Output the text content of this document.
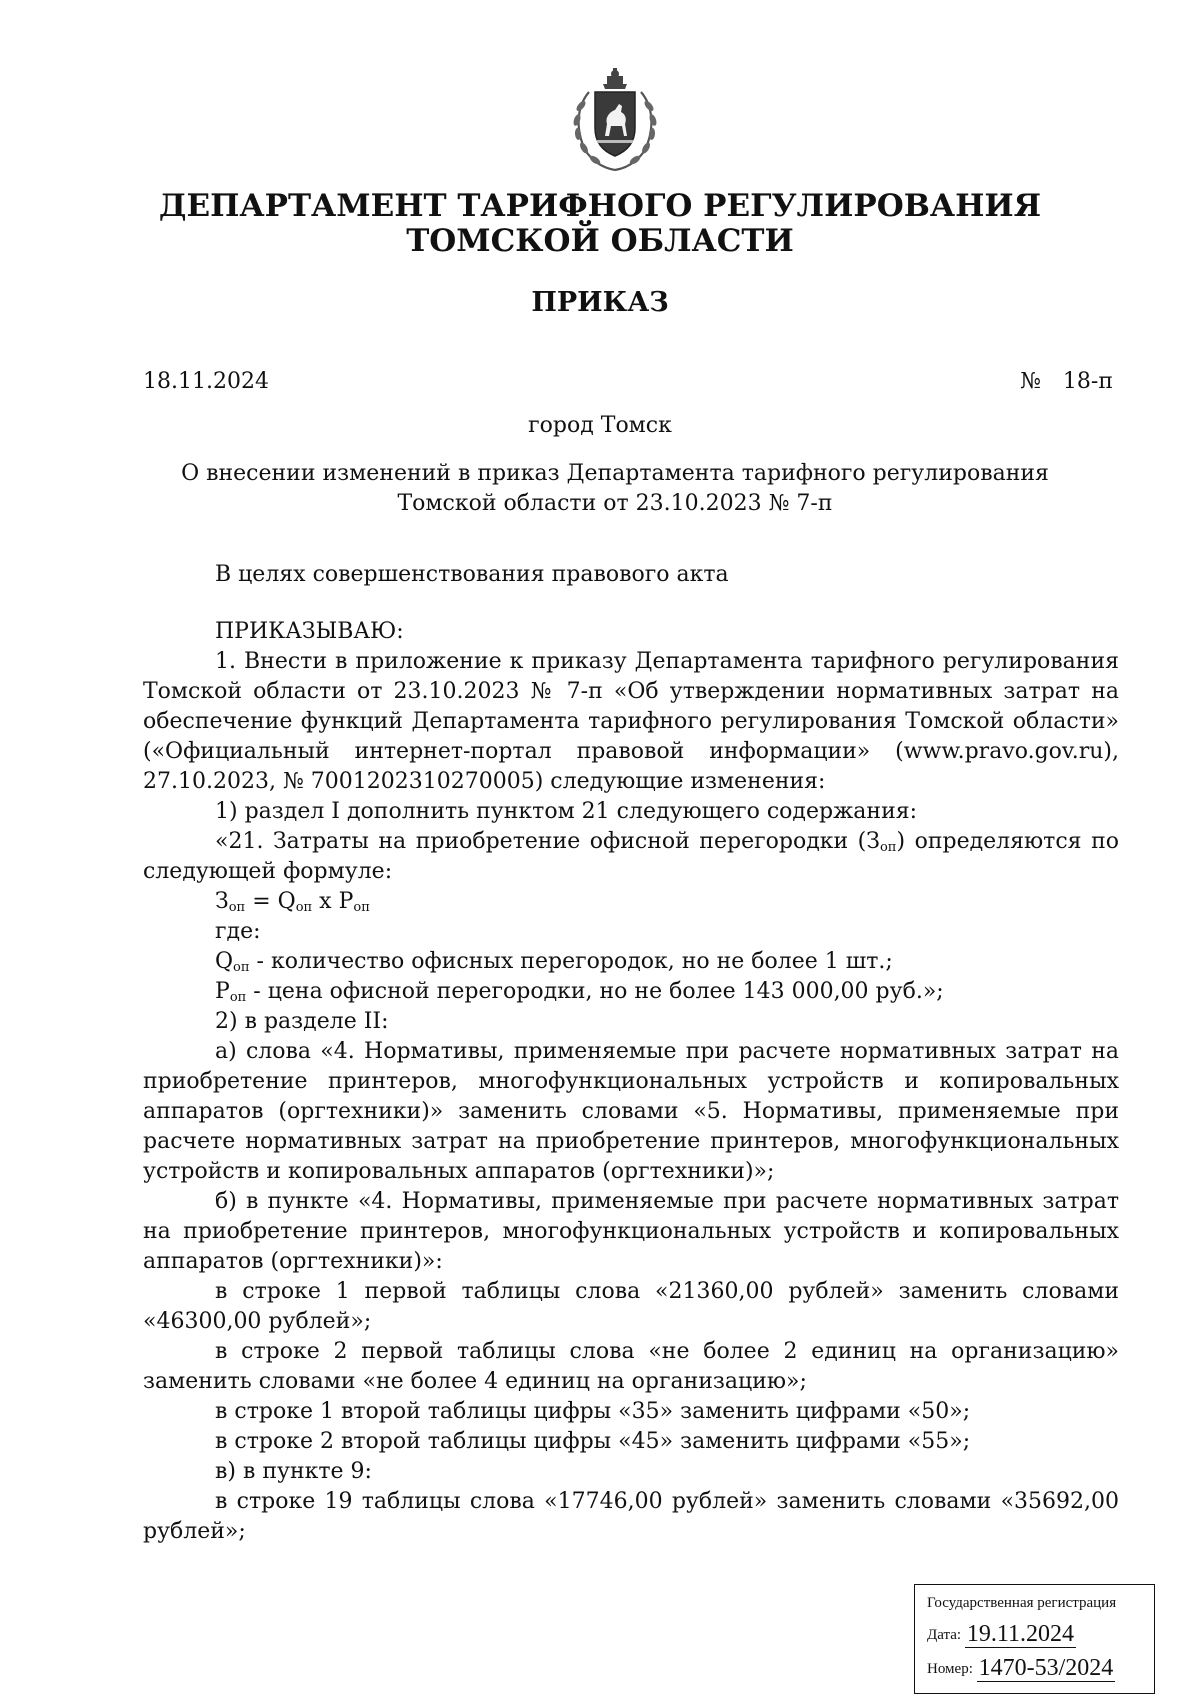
ДЕПАРТАМЕНТ ТАРИФНОГО РЕГУЛИРОВАНИЯ
ТОМСКОЙ ОБЛАСТИ
ПРИКАЗ
18.11.2024	№ 18-п
город Томск
О внесении изменений в приказ Департамента тарифного регулирования
Томской области от 23.10.2023 № 7-п

В целях совершенствования правового акта

ПРИКАЗЫВАЮ:

1. Внести в приложение к приказу Департамента тарифного регулирования Томской области от 23.10.2023 № 7-п «Об утверждении нормативных затрат на обеспечение функций Департамента тарифного регулирования Томской области» («Официальный интернет-портал правовой информации» (www.pravo.gov.ru), 27.10.2023, № 7001202310270005) следующие изменения:

1) раздел I дополнить пунктом 21 следующего содержания:

«21. Затраты на приобретение офисной перегородки $(З_{оп})$ определяются по следующей формуле:

$З_{оп} = Q_{оп}$ x $P_{оп}$

где:

$Q_{оп}$ - количество офисных перегородок, но не более 1 шт.;

$P_{оп}$ - цена офисной перегородки, но не более 143 000,00 руб.»;

2) в разделе II:

а) слова «4. Нормативы, применяемые при расчете нормативных затрат на приобретение принтеров, многофункциональных устройств и копировальных аппаратов (оргтехники)» заменить словами «5. Нормативы, применяемые при расчете нормативных затрат на приобретение принтеров, многофункциональных устройств и копировальных аппаратов (оргтехники)»;

б) в пункте «4. Нормативы, применяемые при расчете нормативных затрат на приобретение принтеров, многофункциональных устройств и копировальных аппаратов (оргтехники)»:

в строке 1 первой таблицы слова «21360,00 рублей» заменить словами «46300,00 рублей»;

в строке 2 первой таблицы слова «не более 2 единиц на организацию» заменить словами «не более 4 единиц на организацию»;

в строке 1 второй таблицы цифры «35» заменить цифрами «50»;

в строке 2 второй таблицы цифры «45» заменить цифрами «55»;

в) в пункте 9:

в строке 19 таблицы слова «17746,00 рублей» заменить словами «35692,00 рублей»;

Государственная регистрация
Дата: 19.11.2024
Номер: 1470-53/2024
